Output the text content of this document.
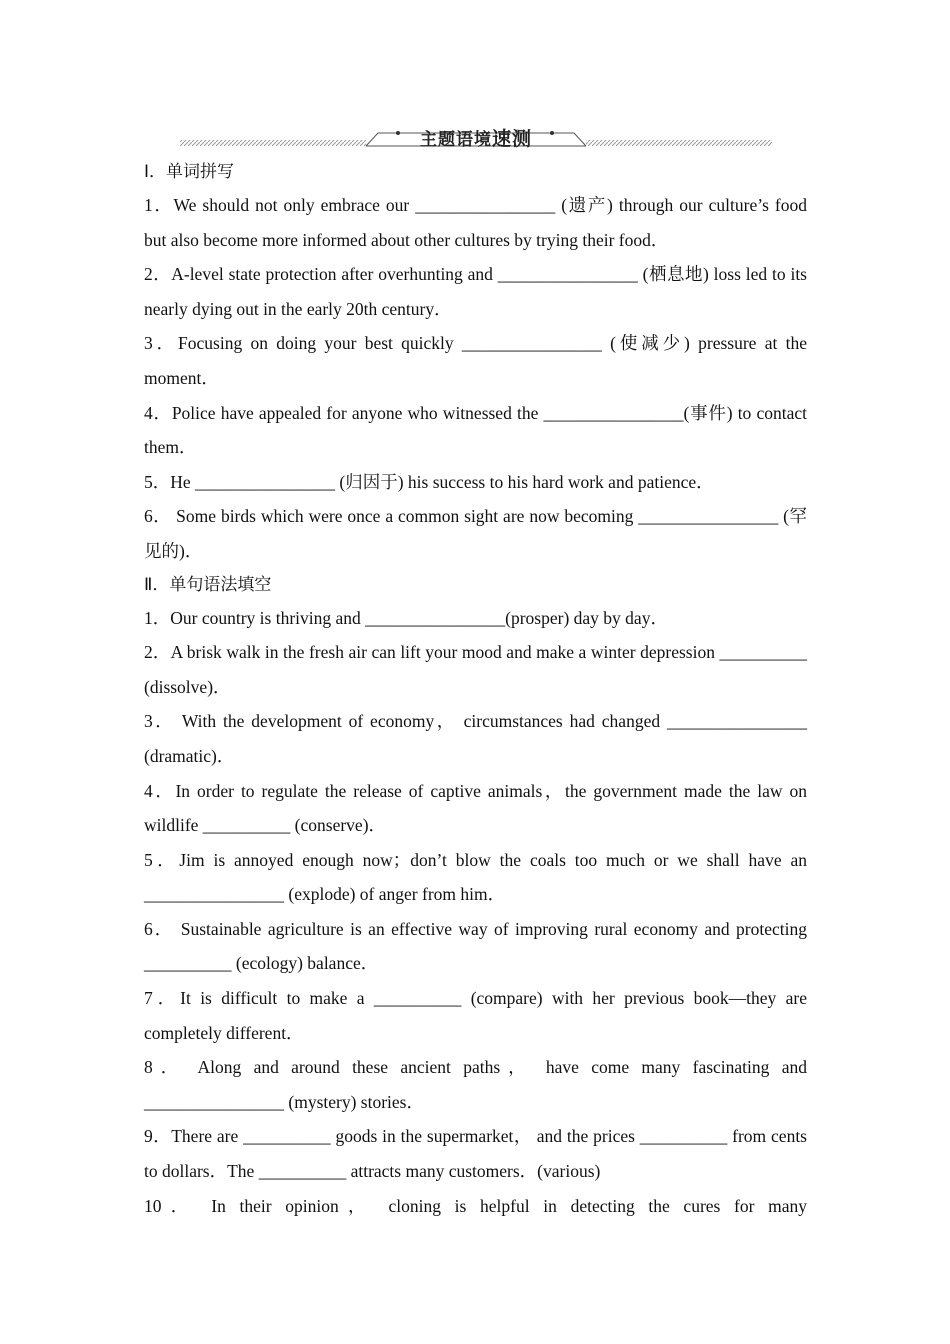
主题语境速测
Ⅰ．单词拼写
1．We should not only embrace our ________________ (遗产) through our culture’s food but also become more informed about other cultures by trying their food．
2．A-level state protection after overhunting and ________________ (栖息地) loss led to its nearly dying out in the early 20th century．
3．Focusing on doing your best quickly ________________ (使减少) pressure at the moment．
4．Police have appealed for anyone who witnessed the ________________(事件) to contact them．
5．He ________________ (归因于) his success to his hard work and patience．
6． Some birds which were once a common sight are now becoming ________________ (罕见的)．
Ⅱ．单句语法填空
1．Our country is thriving and ________________(prosper) day by day．
2．A brisk walk in the fresh air can lift your mood and make a winter depression __________ (dissolve)．
3． With the development of economy， circumstances had changed ________________ (dramatic)．
4．In order to regulate the release of captive animals，the government made the law on wildlife __________ (conserve)．
5．Jim is annoyed enough now；don’t blow the coals too much or we shall have an ________________ (explode) of anger from him．
6． Sustainable agriculture is an effective way of improving rural economy and protecting __________ (ecology) balance．
7．It is difficult to make a __________ (compare) with her previous book—they are completely different．
8． Along and around these ancient paths， have come many fascinating and ________________ (mystery) stories．
9．There are __________ goods in the supermarket， and the prices __________ from cents to dollars．The __________ attracts many customers．(various)
10． In their opinion， cloning is helpful in detecting the cures for many
